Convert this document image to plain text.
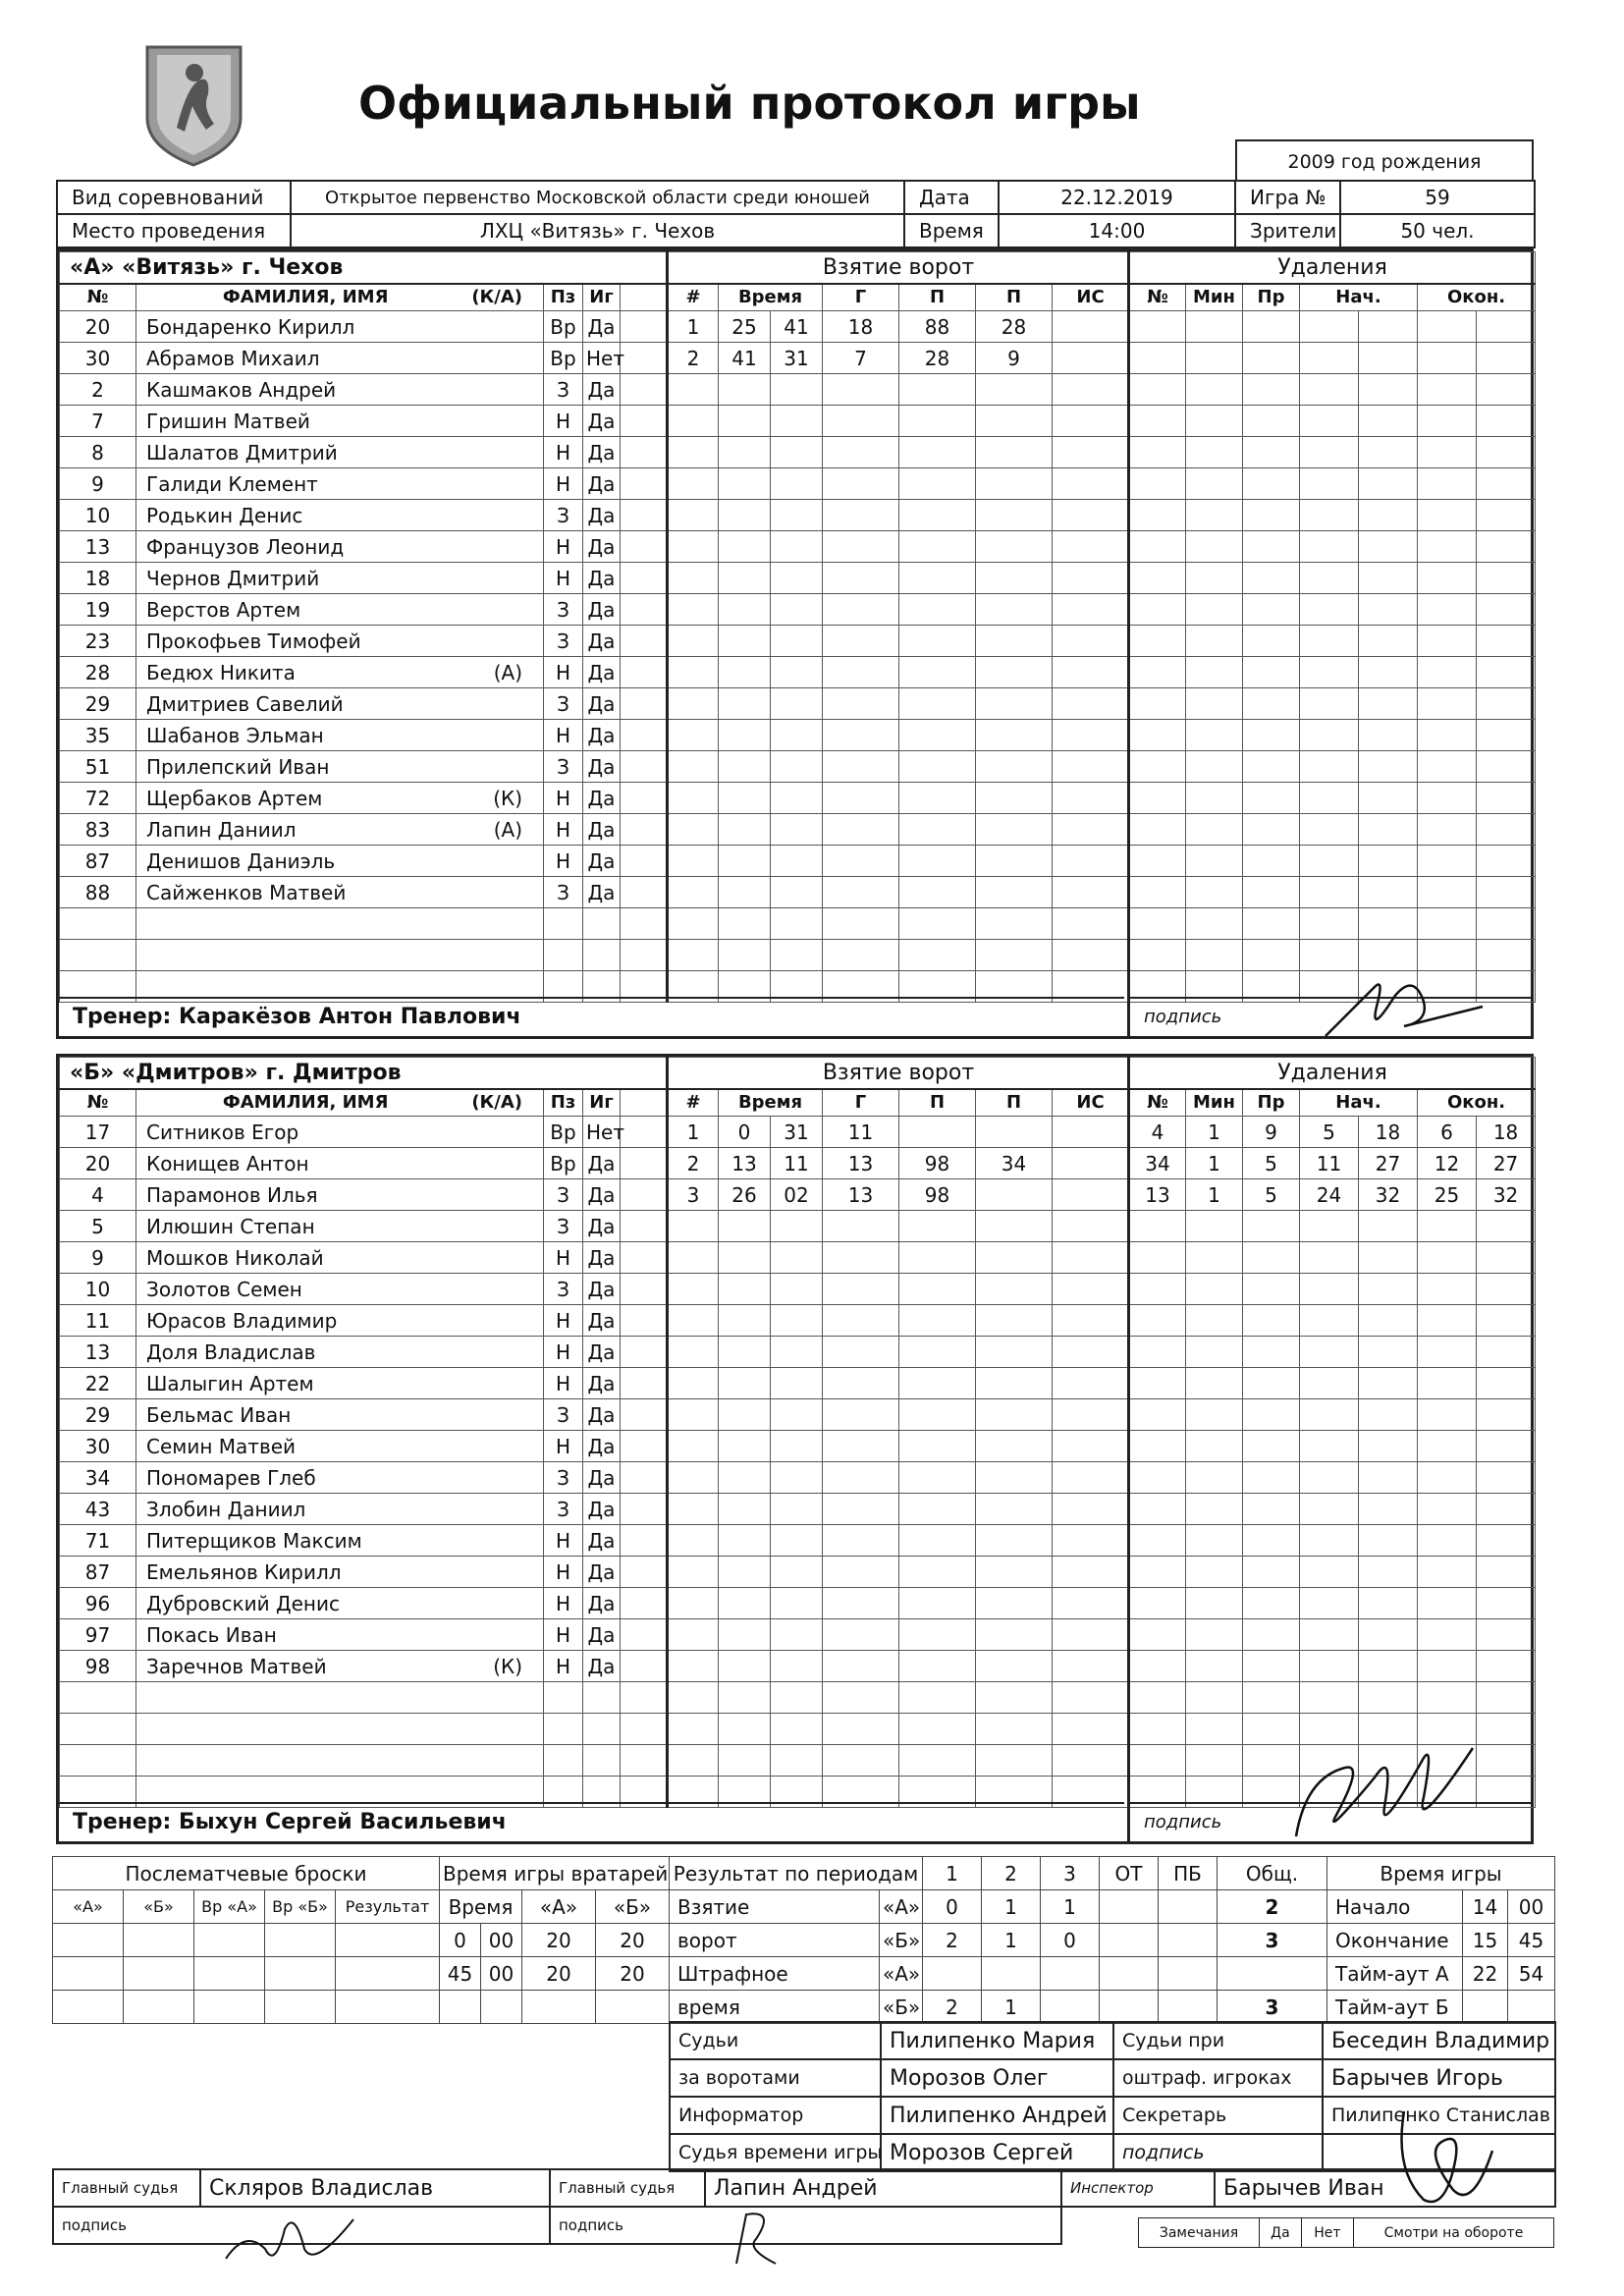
Официальный протокол игры
2009 год рождения
Вид соревнований	Открытое первенство Московской области среди юношей	Дата	22.12.2019	Игра №	59
Место проведения	ЛХЦ «Витязь» г. Чехов	Время	14:00	Зрители	50 чел.
«А» «Витязь» г. Чехов				
№	ФАМИЛИЯ, ИМЯ (К/А)	Пз	Иг	
20	Бондаренко Кирилл	Вр	Да	
30	Абрамов Михаил	Вр	Нет	
2	Кашмаков Андрей	З	Да	
7	Гришин Матвей	Н	Да	
8	Шалатов Дмитрий	Н	Да	
9	Галиди Клемент	Н	Да	
10	Родькин Денис	З	Да	
13	Французов Леонид	Н	Да	
18	Чернов Дмитрий	Н	Да	
19	Верстов Артем	З	Да	
23	Прокофьев Тимофей	З	Да	
28	Бедюх Никита (А)	Н	Да	
29	Дмитриев Савелий	З	Да	
35	Шабанов Эльман	Н	Да	
51	Прилепский Иван	З	Да	
72	Щербаков Артем (К)	Н	Да	
83	Лапин Даниил (А)	Н	Да	
87	Денишов Даниэль	Н	Да	
88	Сайженков Матвей	З	Да	

Взятие ворот						
#	Время		Г	П	П	ИС
1	25	41	18	88	28	
2	41	31	7	28	9	

Удаления						
№	Мин	Пр	Нач.		Окон.	

Тренер: Каракёзов Антон Павлович	подпись
«Б» «Дмитров» г. Дмитров				
№	ФАМИЛИЯ, ИМЯ (К/А)	Пз	Иг	
17	Ситников Егор	Вр	Нет	
20	Конищев Антон	Вр	Да	
4	Парамонов Илья	З	Да	
5	Илюшин Степан	З	Да	
9	Мошков Николай	Н	Да	
10	Золотов Семен	З	Да	
11	Юрасов Владимир	Н	Да	
13	Доля Владислав	Н	Да	
22	Шалыгин Артем	Н	Да	
29	Бельмас Иван	З	Да	
30	Семин Матвей	Н	Да	
34	Пономарев Глеб	З	Да	
43	Злобин Даниил	З	Да	
71	Питерщиков Максим	Н	Да	
87	Емельянов Кирилл	Н	Да	
96	Дубровский Денис	Н	Да	
97	Покась Иван	Н	Да	
98	Заречнов Матвей (К)	Н	Да	

Взятие ворот						
#	Время		Г	П	П	ИС
1	0	31	11			
2	13	11	13	98	34	
3	26	02	13	98		

Удаления						
№	Мин	Пр	Нач.		Окон.	
4	1	9	5	18	6	18
34	1	5	11	27	12	27
13	1	5	24	32	25	32

Тренер: Быхун Сергей Васильевич	подпись
Послематчевые броски				
«А»	«Б»	Вр «А»	Вр «Б»	Результат

Время игры вратарей			
Время		«А»	«Б»
0	00	20	20
45	00	20	20

Результат по периодам		1	2	3	ОТ	ПБ	Общ.
Взятие	«А»	0	1	1			2
ворот	«Б»	2	1	0			3
Штрафное	«А»						
время	«Б»	2	1				3
Время игры		
Начало	14	00
Окончание	15	45
Тайм-аут А	22	54
Тайм-аут Б		
Судьи	Пилипенко Мария	Судьи при	Беседин Владимир
за воротами	Морозов Олег	оштраф. игроках	Барычев Игорь
Информатор	Пилипенко Андрей	Секретарь	Пилипенко Станислав
Судья времени игры	Морозов Сергей	подпись	
Главный судья	Скляров Владислав
подпись
Главный судья	Лапин Андрей
подпись
Инспектор	Барычев Иван
Замечания	Да	Нет	Смотри на обороте
